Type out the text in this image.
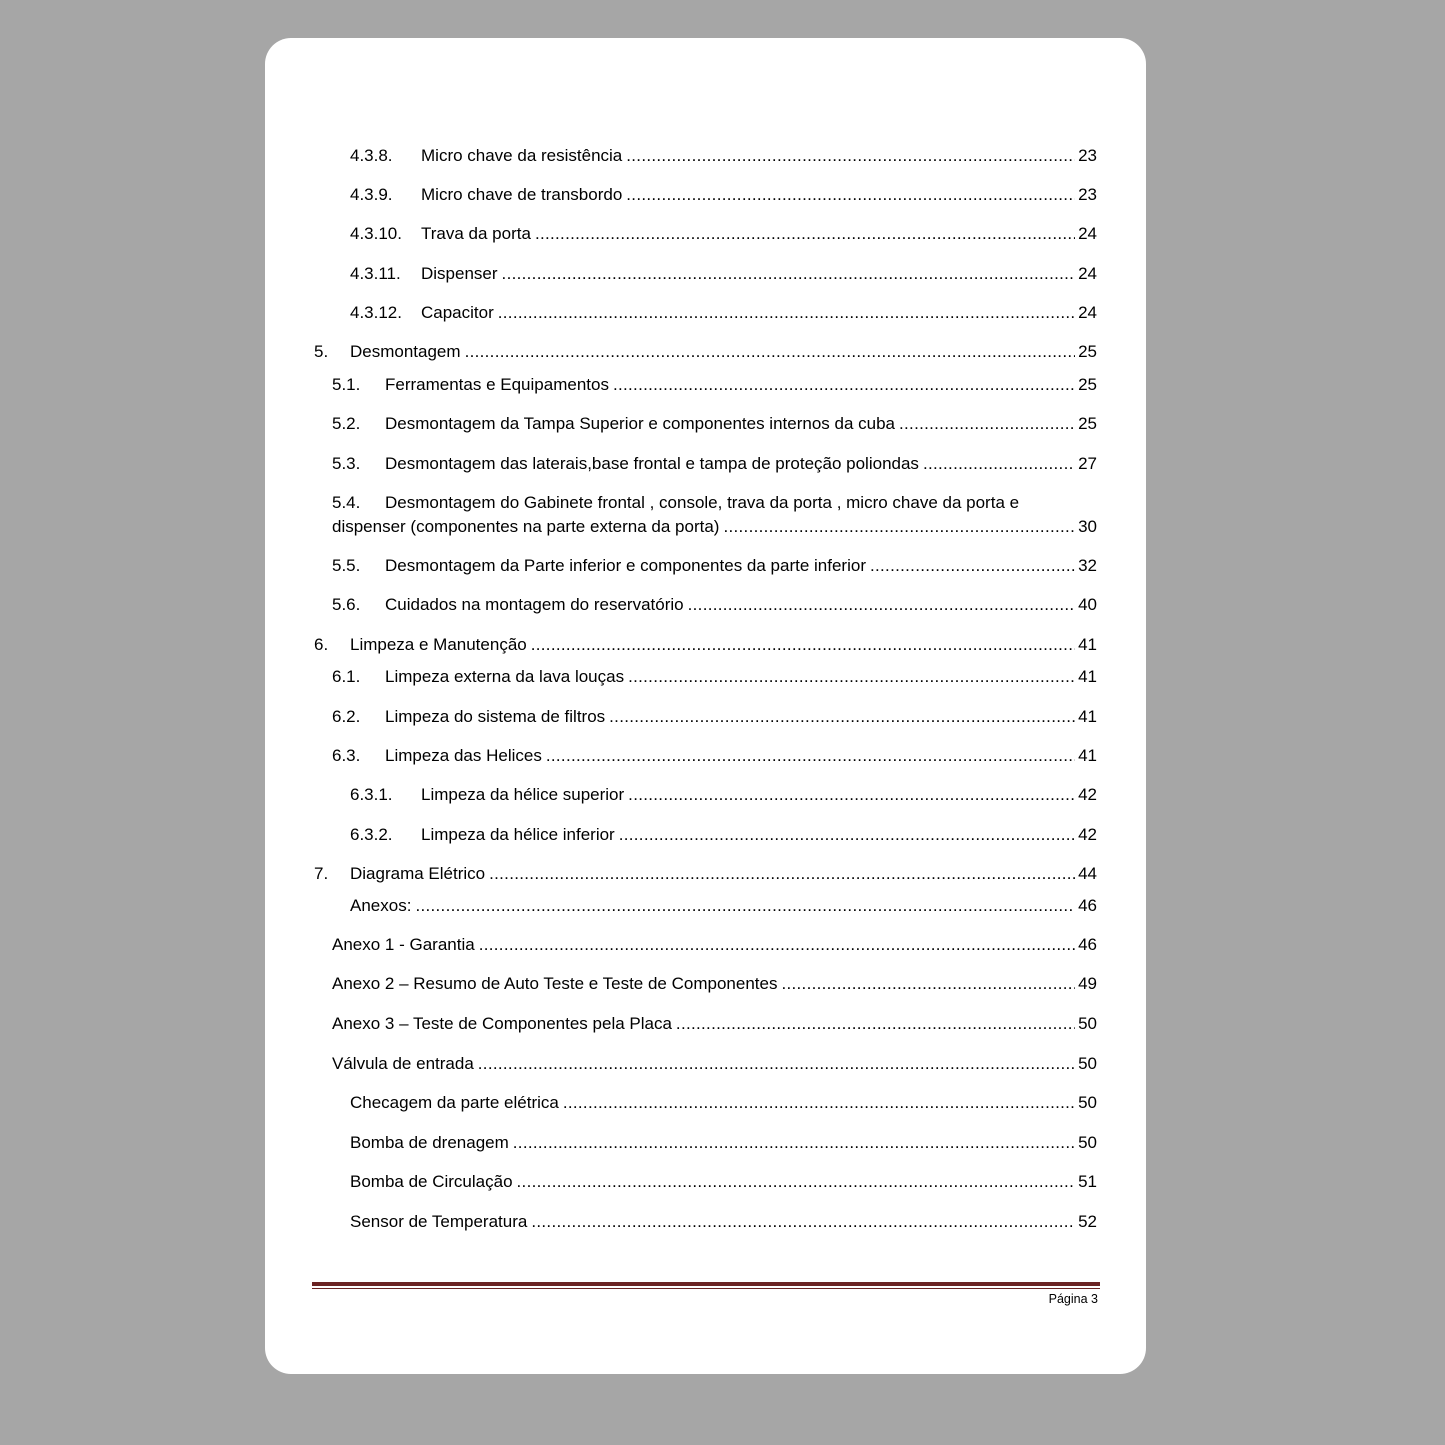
4.3.8. Micro chave da resistência .....	23
4.3.9. Micro chave de transbordo .....	23
4.3.10. Trava da porta .....	24
4.3.11. Dispenser .....	24
4.3.12. Capacitor .....	24
5. Desmontagem .....	25
5.1. Ferramentas e Equipamentos .....	25
5.2. Desmontagem da Tampa Superior e componentes internos da cuba .....	25
5.3. Desmontagem das laterais,base frontal e tampa de proteção poliondas .....	27
5.4. Desmontagem do Gabinete frontal , console, trava da porta , micro chave da porta e
dispenser (componentes na parte externa da porta) .....	30
5.5. Desmontagem da Parte inferior e componentes da parte inferior .....	32
5.6. Cuidados na montagem do reservatório .....	40
6. Limpeza e Manutenção .....	41
6.1. Limpeza externa da lava louças .....	41
6.2. Limpeza do sistema de filtros .....	41
6.3. Limpeza das Helices .....	41
6.3.1. Limpeza da hélice superior .....	42
6.3.2. Limpeza da hélice inferior .....	42
7. Diagrama Elétrico .....	44
Anexos: .....	46
Anexo 1 - Garantia .....	46
Anexo 2 – Resumo de Auto Teste e Teste de Componentes .....	49
Anexo 3 – Teste de Componentes pela Placa .....	50
Válvula de entrada .....	50
Checagem da parte elétrica .....	50
Bomba de drenagem .....	50
Bomba de Circulação .....	51
Sensor de Temperatura .....	52
Página 3
